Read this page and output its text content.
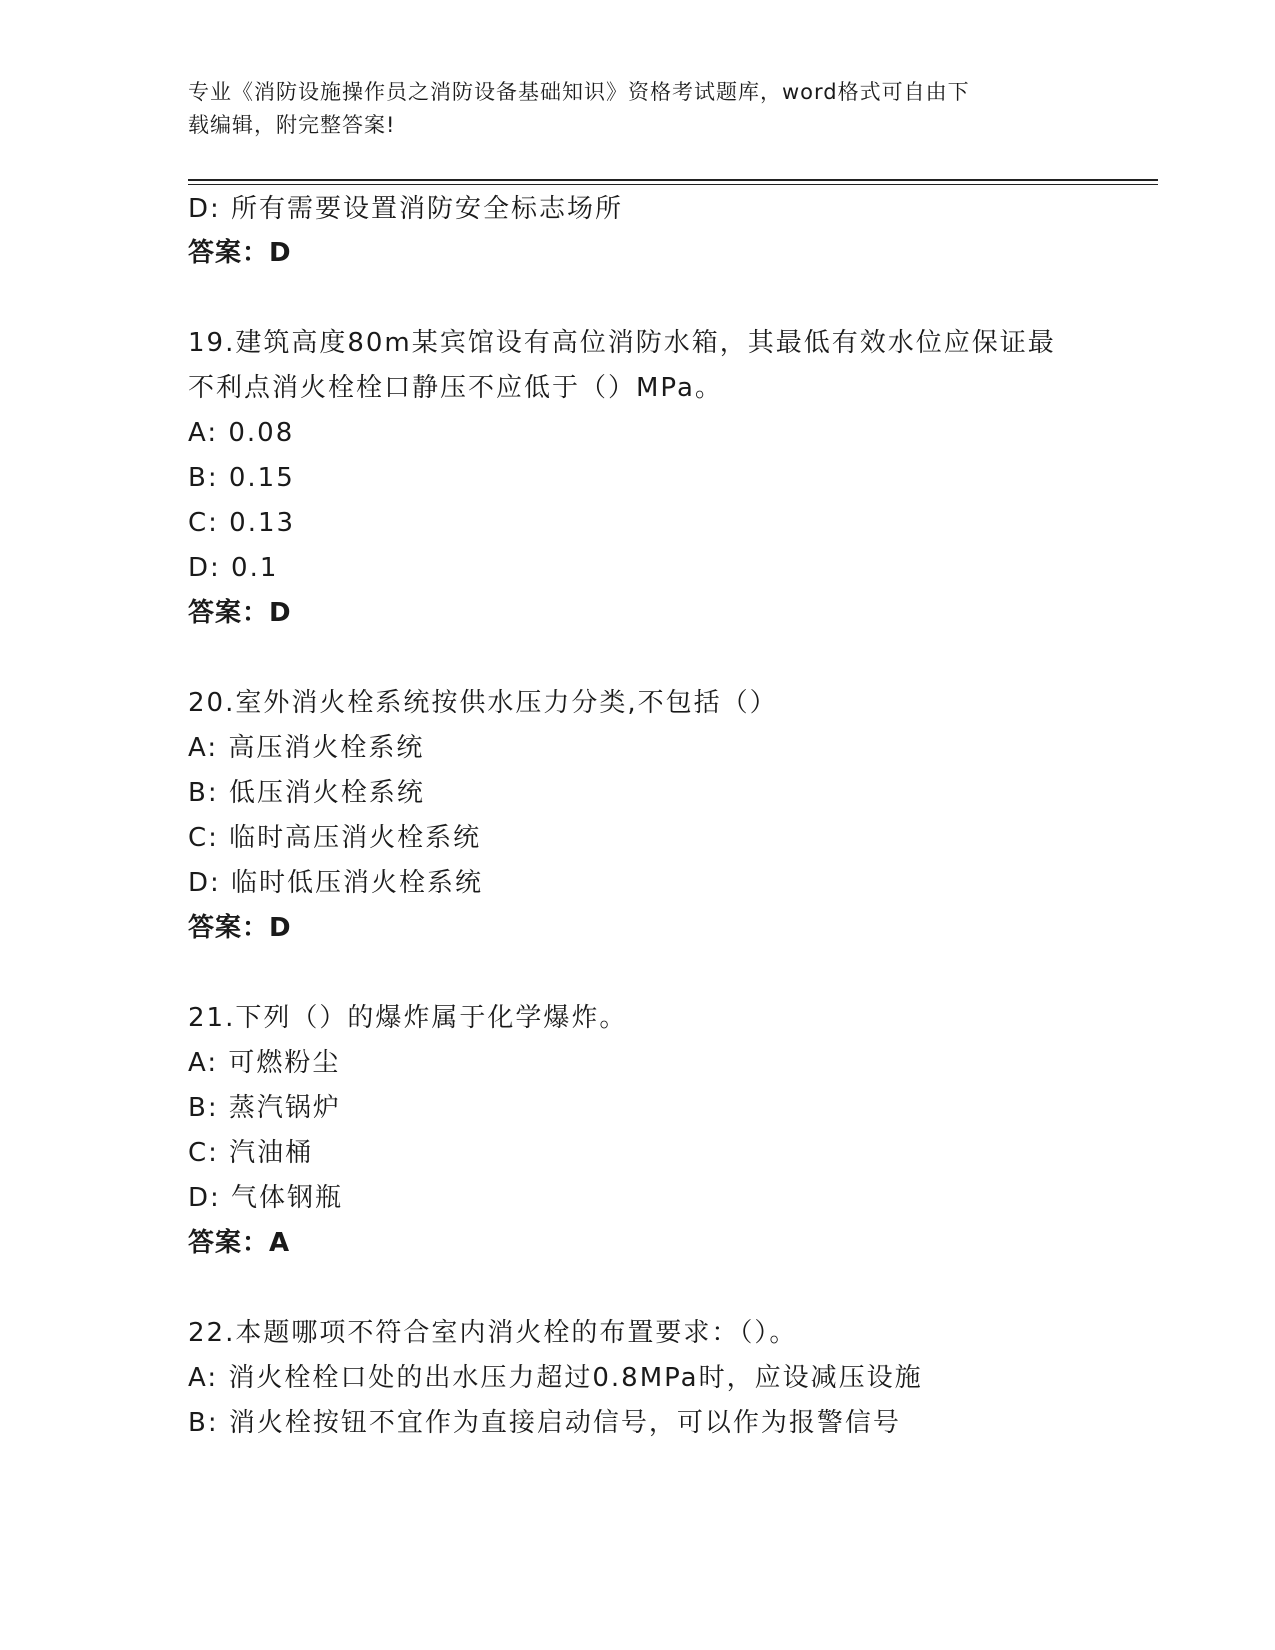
专业《消防设施操作员之消防设备基础知识》资格考试题库，word格式可自由下
载编辑，附完整答案!
D: 所有需要设置消防安全标志场所
答案：D
19.建筑高度80m某宾馆设有高位消防水箱，其最低有效水位应保证最
不利点消火栓栓口静压不应低于（）MPa。
A: 0.08
B: 0.15
C: 0.13
D: 0.1
答案：D
20.室外消火栓系统按供水压力分类,不包括（）
A: 高压消火栓系统
B: 低压消火栓系统
C: 临时高压消火栓系统
D: 临时低压消火栓系统
答案：D
21.下列（）的爆炸属于化学爆炸。
A: 可燃粉尘
B: 蒸汽锅炉
C: 汽油桶
D: 气体钢瓶
答案：A
22.本题哪项不符合室内消火栓的布置要求：（）。
A: 消火栓栓口处的出水压力超过0.8MPa时，应设减压设施
B: 消火栓按钮不宜作为直接启动信号，可以作为报警信号
